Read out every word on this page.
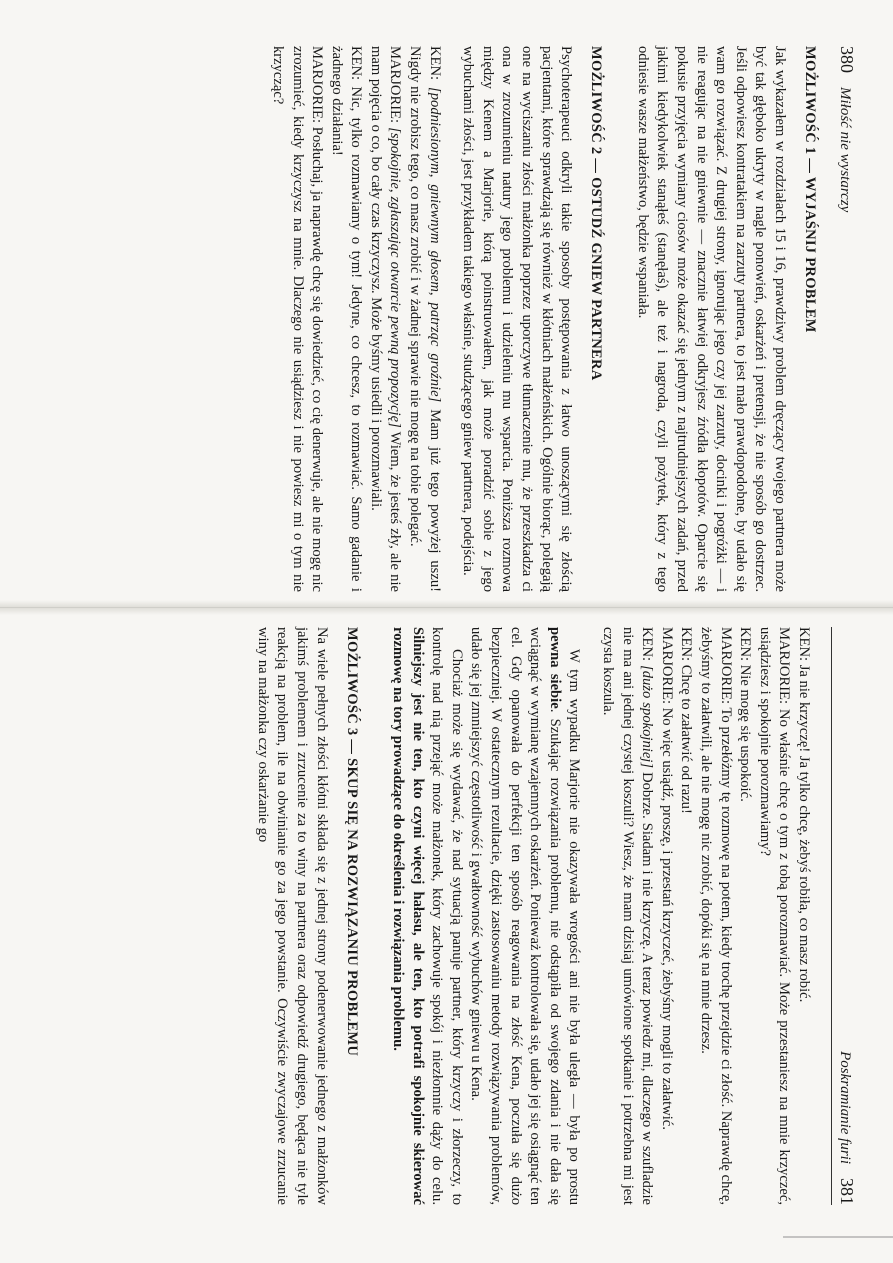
380
Miłość nie wystarczy
MOŻLIWOŚĆ 1 — WYJAŚNIJ PROBLEM

Jak wykazałem w rozdziałach 15 i 16, prawdziwy problem dręczący twojego partnera może być tak głęboko ukryty w nagle ponowień, oskarżeń i pretensji, że nie sposób go dostrzec. Jeśli odpowiesz kontratakiem na zarzuty partnera, to jest mało prawdopodobne, by udało się wam go rozwiązać. Z drugiej strony, ignorując jego czy jej zarzuty, docinki i pogróżki — i nie reagując na nie gniewnie — znacznie łatwiej odkryjesz źródła kłopotów. Oparcie się pokusie przyjęcia wymiany ciosów może okazać się jednym z najtrudniejszych zadań, przed jakimi kiedykolwiek stanąłeś (stanęłaś), ale też i nagroda, czyli pożytek, który z tego odniesie wasze małżeństwo, będzie wspaniała.

MOŻLIWOŚĆ 2 — OSTUDŹ GNIEW PARTNERA

Psychoterapeuci odkryli takie sposoby postępowania z łatwo unoszącymi się złością pacjentami, które sprawdzają się również w kłótniach małżeńskich. Ogólnie biorąc, polegają one na wyciszaniu złości małżonka poprzez uporczywe tłumaczenie mu, że przeszkadza ci ona w zrozumieniu natury jego problemu i udzieleniu mu wsparcia. Poniższa rozmowa między Kenem a Marjorie, którą poinstruowałem, jak może poradzić sobie z jego wybuchami złości, jest przykładem takiego właśnie, studzącego gniew partnera, podejścia.

KEN: [podniesionym, gniewnym głosem, patrząc groźnie] Mam już tego powyżej uszu! Nigdy nie zrobisz tego, co masz zrobić i w żadnej sprawie nie mogę na tobie polegać.

MARJORIE: [spokojnie, zgłaszając otwarcie pewną propozycję] Wiem, że jesteś zły, ale nie mam pojęcia o co, bo cały czas krzyczysz. Może byśmy usiedli i porozmawiali.

KEN: Nic, tylko rozmawiamy o tym! Jedyne, co chcesz, to rozmawiać. Samo gadanie i żadnego działania!

MARJORIE: Posłuchaj, ja naprawdę chcę się dowiedzieć, co cię denerwuje, ale nie mogę nic zrozumieć, kiedy krzyczysz na mnie. Dlaczego nie usiądziesz i nie powiesz mi o tym nie krzycząc?

Poskramianie furii
381

KEN: Ja nie krzyczę! Ja tylko chcę, żebyś robiła, co masz robić.

MARJORIE: No właśnie chcę o tym z tobą porozmawiać. Może przestaniesz na mnie krzyczeć, usiądziesz i spokojnie porozmawiamy?

KEN: Nie mogę się uspokoić.

MARJORIE: To przełóżmy tę rozmowę na potem, kiedy trochę przejdzie ci złość. Naprawdę chcę, żebyśmy to załatwili, ale nie mogę nic zrobić, dopóki się na mnie drzesz.

KEN: Chcę to załatwić od razu!

MARJORIE: No więc usiądź, proszę, i przestań krzyczeć, żebyśmy mogli to załatwić.

KEN: [dużo spokojniej] Dobrze. Siadam i nie krzyczę. A teraz powiedz mi, dlaczego w szufladzie nie ma ani jednej czystej koszuli? Wiesz, że mam dzisiaj umówione spotkanie i potrzebna mi jest czysta koszula.

W tym wypadku Marjorie nie okazywała wrogości ani nie była uległa — była po prostu pewna siebie. Szukając rozwiązania problemu, nie odstąpiła od swojego zdania i nie dała się wciągnąć w wymianę wzajemnych oskarżeń. Ponieważ kontrolowała się, udało jej się osiągnąć ten cel. Gdy opanowała do perfekcji ten sposób reagowania na złość Kena, poczuła się dużo bezpieczniej. W ostatecznym rezultacie, dzięki zastosowaniu metody rozwiązywania problemów, udało się jej zmniejszyć częstotliwość i gwałtowność wybuchów gniewu u Kena.

Chociaż może się wydawać, że nad sytuacją panuje partner, który krzyczy i złorzeczy, to kontrolę nad nią przejąć może małżonek, który zachowuje spokój i niezłomnie dąży do celu. Silniejszy jest nie ten, kto czyni więcej hałasu, ale ten, kto potrafi spokojnie skierować rozmowę na tory prowadzące do określenia i rozwiązania problemu.

MOŻLIWOŚĆ 3 — SKUP SIĘ NA ROZWIĄZANIU PROBLEMU

Na wiele pełnych złości kłótni składa się z jednej strony podenerwowanie jednego z małżonków jakimś problemem i zrzucenie za to winy na partnera oraz odpowiedź drugiego, będąca nie tyle reakcją na problem, ile na obwinianie go za jego powstanie. Oczywiście zwyczajowe zrzucanie winy na małżonka czy oskarżanie go
